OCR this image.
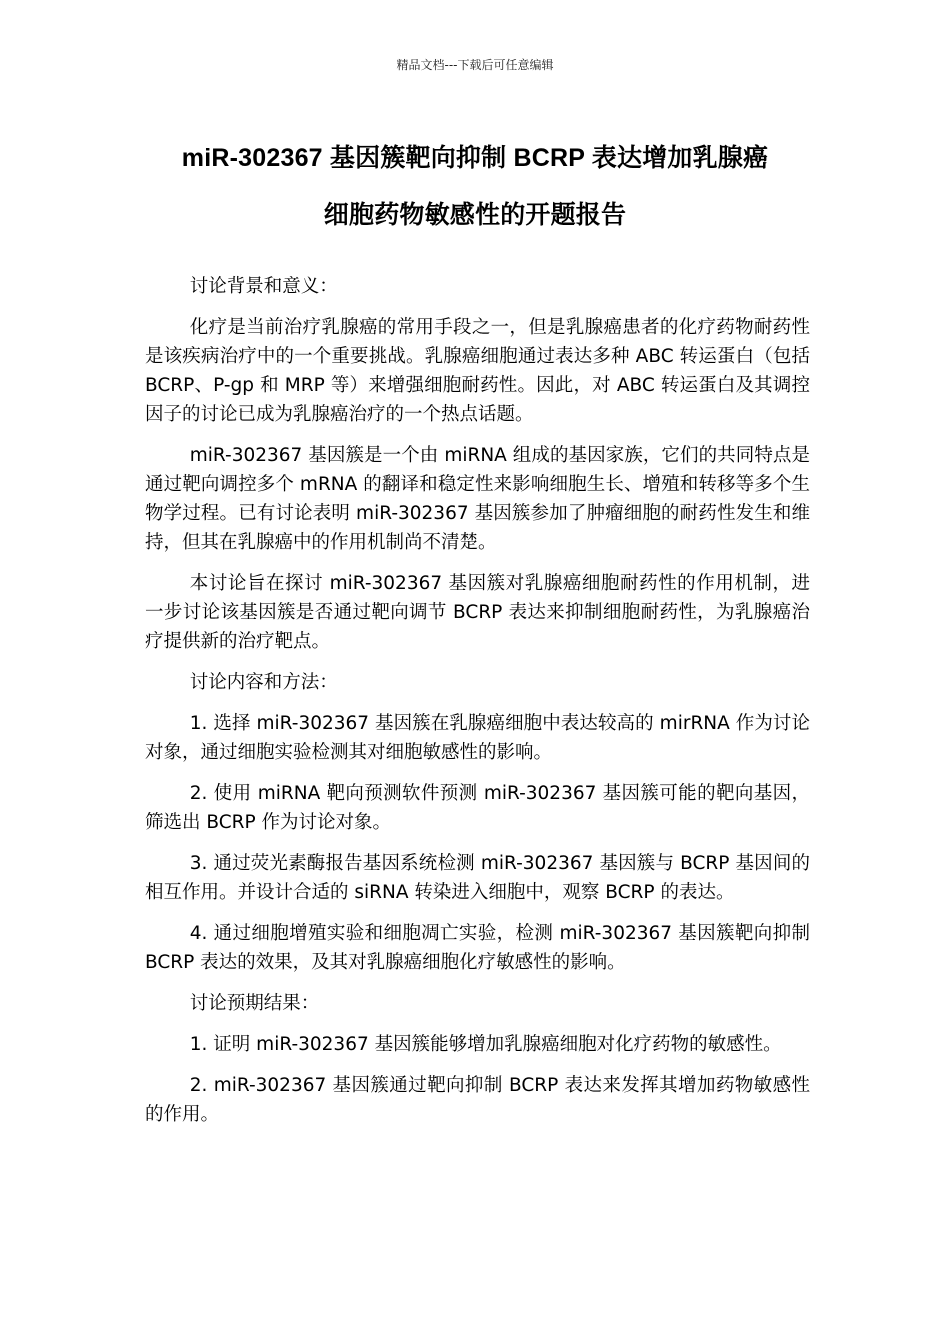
精品文档---下载后可任意编辑
miR-302367 基因簇靶向抑制 BCRP 表达增加乳腺癌
细胞药物敏感性的开题报告

讨论背景和意义：

化疗是当前治疗乳腺癌的常用手段之一，但是乳腺癌患者的化疗药物耐药性是该疾病治疗中的一个重要挑战。乳腺癌细胞通过表达多种 ABC 转运蛋白（包括 BCRP、P-gp 和 MRP 等）来增强细胞耐药性。因此，对 ABC 转运蛋白及其调控因子的讨论已成为乳腺癌治疗的一个热点话题。

miR-302367 基因簇是一个由 miRNA 组成的基因家族，它们的共同特点是通过靶向调控多个 mRNA 的翻译和稳定性来影响细胞生长、增殖和转移等多个生物学过程。已有讨论表明 miR-302367 基因簇参加了肿瘤细胞的耐药性发生和维持，但其在乳腺癌中的作用机制尚不清楚。

本讨论旨在探讨 miR-302367 基因簇对乳腺癌细胞耐药性的作用机制，进一步讨论该基因簇是否通过靶向调节 BCRP 表达来抑制细胞耐药性，为乳腺癌治疗提供新的治疗靶点。

讨论内容和方法：

1. 选择 miR-302367 基因簇在乳腺癌细胞中表达较高的 mirRNA 作为讨论对象，通过细胞实验检测其对细胞敏感性的影响。

2. 使用 miRNA 靶向预测软件预测 miR-302367 基因簇可能的靶向基因，筛选出 BCRP 作为讨论对象。

3. 通过荧光素酶报告基因系统检测 miR-302367 基因簇与 BCRP 基因间的相互作用。并设计合适的 siRNA 转染进入细胞中，观察 BCRP 的表达。

4. 通过细胞增殖实验和细胞凋亡实验，检测 miR-302367 基因簇靶向抑制 BCRP 表达的效果，及其对乳腺癌细胞化疗敏感性的影响。

讨论预期结果：

1. 证明 miR-302367 基因簇能够增加乳腺癌细胞对化疗药物的敏感性。

2. miR-302367 基因簇通过靶向抑制 BCRP 表达来发挥其增加药物敏感性的作用。
